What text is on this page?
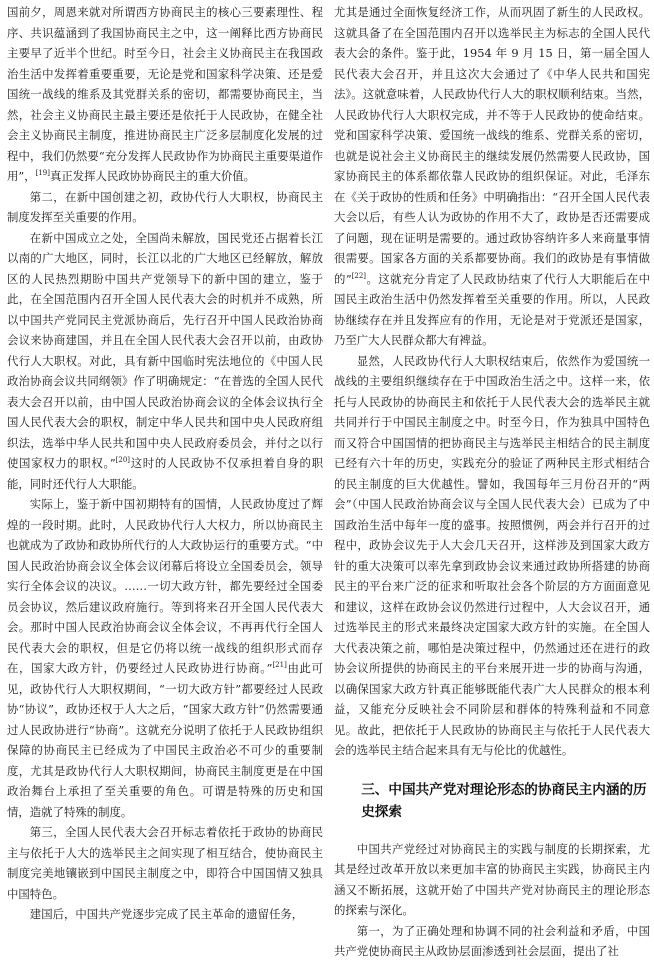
国前夕，周恩来就对所谓西方协商民主的核心三要素理性、程序、共识蕴涵到了我国协商民主之中，这一阐释比西方协商民主要早了近半个世纪。时至今日，社会主义协商民主在我国政治生活中发挥着重要重要，无论是党和国家科学决策、还是爱国统一战线的维系及其党群关系的密切，都需要协商民主，当然，社会主义协商民主最主要还是依托于人民政协，在健全社会主义协商民主制度，推进协商民主广泛多层制度化发展的过程中，我们仍然要“充分发挥人民政协作为协商民主重要渠道作用”，[19]真正发挥人民政协协商民主的重大价值。

第二，在新中国创建之初，政协代行人大职权，协商民主制度发挥至关重要的作用。

在新中国成立之处，全国尚未解放，国民党还占据着长江以南的广大地区，同时，长江以北的广大地区已经解放，解放区的人民热烈期盼中国共产党领导下的新中国的建立，鉴于此，在全国范围内召开全国人民代表大会的时机并不成熟，所以中国共产党同民主党派协商后，先行召开中国人民政治协商会议来协商建国，并且在全国人民代表大会召开以前，由政协代行人大职权。对此，具有新中国临时宪法地位的《中国人民政治协商会议共同纲领》作了明确规定：“在普选的全国人民代表大会召开以前，由中国人民政治协商会议的全体会议执行全国人民代表大会的职权，制定中华人民共和国中央人民政府组织法，选举中华人民共和国中央人民政府委员会，并付之以行使国家权力的职权。”[20]这时的人民政协不仅承担着自身的职能，同时还代行人大职能。

实际上，鉴于新中国初期特有的国情，人民政协度过了辉煌的一段时期。此时，人民政协代行人大权力，所以协商民主也就成为了政协和政协所代行的人大政协运行的重要方式。“中国人民政治协商会议全体会议闭幕后将设立全国委员会，领导实行全体会议的决议。……一切大政方针，都先要经过全国委员会协议，然后建议政府施行。等到将来召开全国人民代表大会。那时中国人民政治协商会议全体会议，不再再代行全国人民代表大会的职权，但是它仍将以统一战线的组织形式而存在，国家大政方针，仍要经过人民政协进行协商。”[21]由此可见，政协代行人大职权期间，“一切大政方针”都要经过人民政协“协议”，政协还权于人大之后，“国家大政方针”仍然需要通过人民政协进行“协商”。这就充分说明了依托于人民政协组织保障的协商民主已经成为了中国民主政治必不可少的重要制度，尤其是政协代行人大职权期间，协商民主制度更是在中国政治舞台上承担了至关重要的角色。可谓是特殊的历史和国情，造就了特殊的制度。

第三，全国人民代表大会召开标志着依托于政协的协商民主与依托于人大的选举民主之间实现了相互结合，使协商民主制度完美地镶嵌到中国民主制度之中，即符合中国国情又独具中国特色。

建国后，中国共产党逐步完成了民主革命的遗留任务，

尤其是通过全面恢复经济工作，从而巩固了新生的人民政权。这就具备了在全国范围内召开以选举民主为标志的全国人民代表大会的条件。鉴于此，1954 年 9 月 15 日，第一届全国人民代表大会召开，并且这次大会通过了《中华人民共和国宪法》。这就意味着，人民政协代行人大的职权顺利结束。当然，人民政协代行人大职权完成，并不等于人民政协的使命结束。党和国家科学决策、爱国统一战线的维系、党群关系的密切，也就是说社会主义协商民主的继续发展仍然需要人民政协，国家协商民主的体系都依靠人民政协的组织保证。对此，毛泽东在《关于政协的性质和任务》中明确指出：“召开全国人民代表大会以后，有些人认为政协的作用不大了，政协是否还需要成了问题，现在证明是需要的。通过政协容纳许多人来商量事情很需要。国家各方面的关系都要协商。我们的政协是有事情做的”[22]。这就充分肯定了人民政协结束了代行人大职能后在中国民主政治生活中仍然发挥着至关重要的作用。所以，人民政协继续存在并且发挥应有的作用，无论是对于党派还是国家，乃至广大人民群众都大有裨益。

显然，人民政协代行人大职权结束后，依然作为爱国统一战线的主要组织继续存在于中国政治生活之中。这样一来，依托与人民政协的协商民主和依托于人民代表大会的选举民主就共同并行于中国民主制度之中。时至今日，作为独具中国特色而又符合中国国情的把协商民主与选举民主相结合的民主制度已经有六十年的历史，实践充分的验证了两种民主形式相结合的民主制度的巨大优越性。譬如，我国每年三月份召开的“两会”（中国人民政治协商会议与全国人民代表大会）已成为了中国政治生活中每年一度的盛事。按照惯例，两会并行召开的过程中，政协会议先于人大会几天召开，这样涉及到国家大政方针的重大决策可以率先拿到政协会议来通过政协所搭建的协商民主的平台来广泛的征求和听取社会各个阶层的方方面面意见和建议，这样在政协会议仍然进行过程中，人大会议召开，通过选举民主的形式来最终决定国家大政方针的实施。在全国人大代表决策之前，哪怕是决策过程中，仍然通过还在进行的政协会议所提供的协商民主的平台来展开进一步的协商与沟通，以确保国家大政方针真正能够既能代表广大人民群众的根本利益，又能充分反映社会不同阶层和群体的特殊利益和不同意见。故此，把依托于人民政协的协商民主与依托于人民代表大会的选举民主结合起来具有无与伦比的优越性。

三、中国共产党对理论形态的协商民主内涵的历史探索

中国共产党经过对协商民主的实践与制度的长期探索，尤其是经过改革开放以来更加丰富的协商民主实践，协商民主内涵又不断拓展，这就开始了中国共产党对协商民主的理论形态的探索与深化。

第一，为了正确处理和协调不同的社会利益和矛盾，中国共产党使协商民主从政协层面渗透到社会层面，提出了社
